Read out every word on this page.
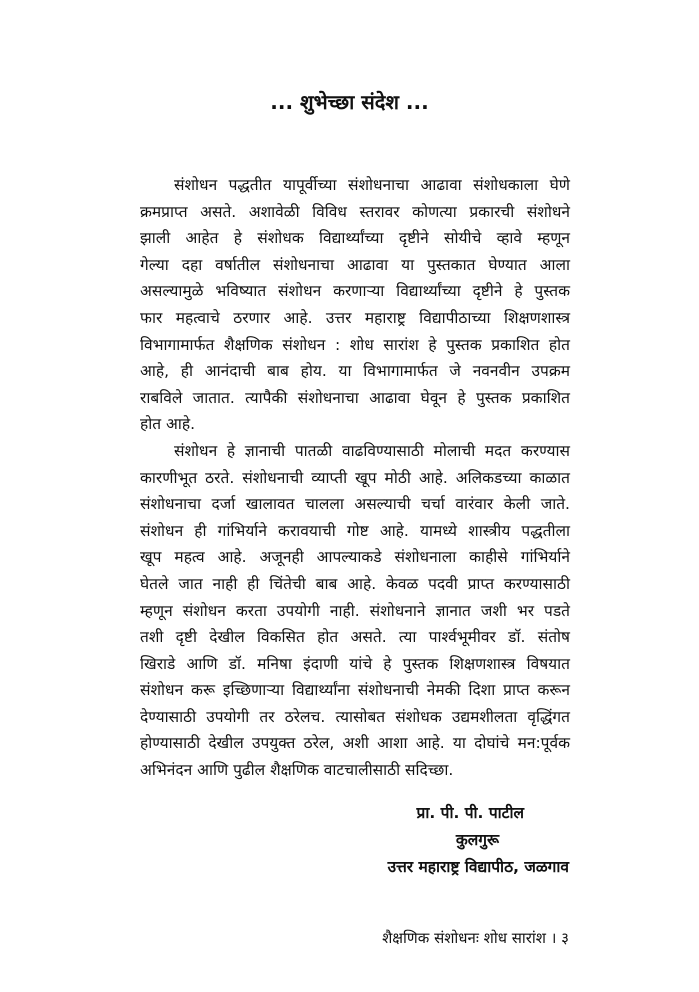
... शुभेच्छा संदेश ...
संशोधन पद्धतीत यापूर्वीच्या संशोधनाचा आढावा संशोधकाला घेणे
क्रमप्राप्त असते. अशावेळी विविध स्तरावर कोणत्या प्रकारची संशोधने
झाली आहेत हे संशोधक विद्यार्थ्यांच्या दृष्टीने सोयीचे व्हावे म्हणून
गेल्या दहा वर्षातील संशोधनाचा आढावा या पुस्तकात घेण्यात आला
असल्यामुळे भविष्यात संशोधन करणाऱ्या विद्यार्थ्यांच्या दृष्टीने हे पुस्तक
फार महत्वाचे ठरणार आहे. उत्तर महाराष्ट्र विद्यापीठाच्या शिक्षणशास्त्र
विभागामार्फत शैक्षणिक संशोधन : शोध सारांश हे पुस्तक प्रकाशित होत
आहे, ही आनंदाची बाब होय. या विभागामार्फत जे नवनवीन उपक्रम
राबविले जातात. त्यापैकी संशोधनाचा आढावा घेवून हे पुस्तक प्रकाशित
होत आहे.
संशोधन हे ज्ञानाची पातळी वाढविण्यासाठी मोलाची मदत करण्यास
कारणीभूत ठरते. संशोधनाची व्याप्ती खूप मोठी आहे. अलिकडच्या काळात
संशोधनाचा दर्जा खालावत चालला असल्याची चर्चा वारंवार केली जाते.
संशोधन ही गांभिर्याने करावयाची गोष्ट आहे. यामध्ये शास्त्रीय पद्धतीला
खूप महत्व आहे. अजूनही आपल्याकडे संशोधनाला काहीसे गांभिर्याने
घेतले जात नाही ही चिंतेची बाब आहे. केवळ पदवी प्राप्त करण्यासाठी
म्हणून संशोधन करता उपयोगी नाही. संशोधनाने ज्ञानात जशी भर पडते
तशी दृष्टी देखील विकसित होत असते. त्या पार्श्वभूमीवर डॉ. संतोष
खिराडे आणि डॉ. मनिषा इंदाणी यांचे हे पुस्तक शिक्षणशास्त्र विषयात
संशोधन करू इच्छिणाऱ्या विद्यार्थ्यांना संशोधनाची नेमकी दिशा प्राप्त करून
देण्यासाठी उपयोगी तर ठरेलच. त्यासोबत संशोधक उद्यमशीलता वृद्धिंगत
होण्यासाठी देखील उपयुक्त ठरेल, अशी आशा आहे. या दोघांचे मन:पूर्वक
अभिनंदन आणि पुढील शैक्षणिक वाटचालीसाठी सदिच्छा.
प्रा. पी. पी. पाटील
कुलगुरू
उत्तर महाराष्ट्र विद्यापीठ, जळगाव
शैक्षणिक संशोधनः शोध सारांश । ३
